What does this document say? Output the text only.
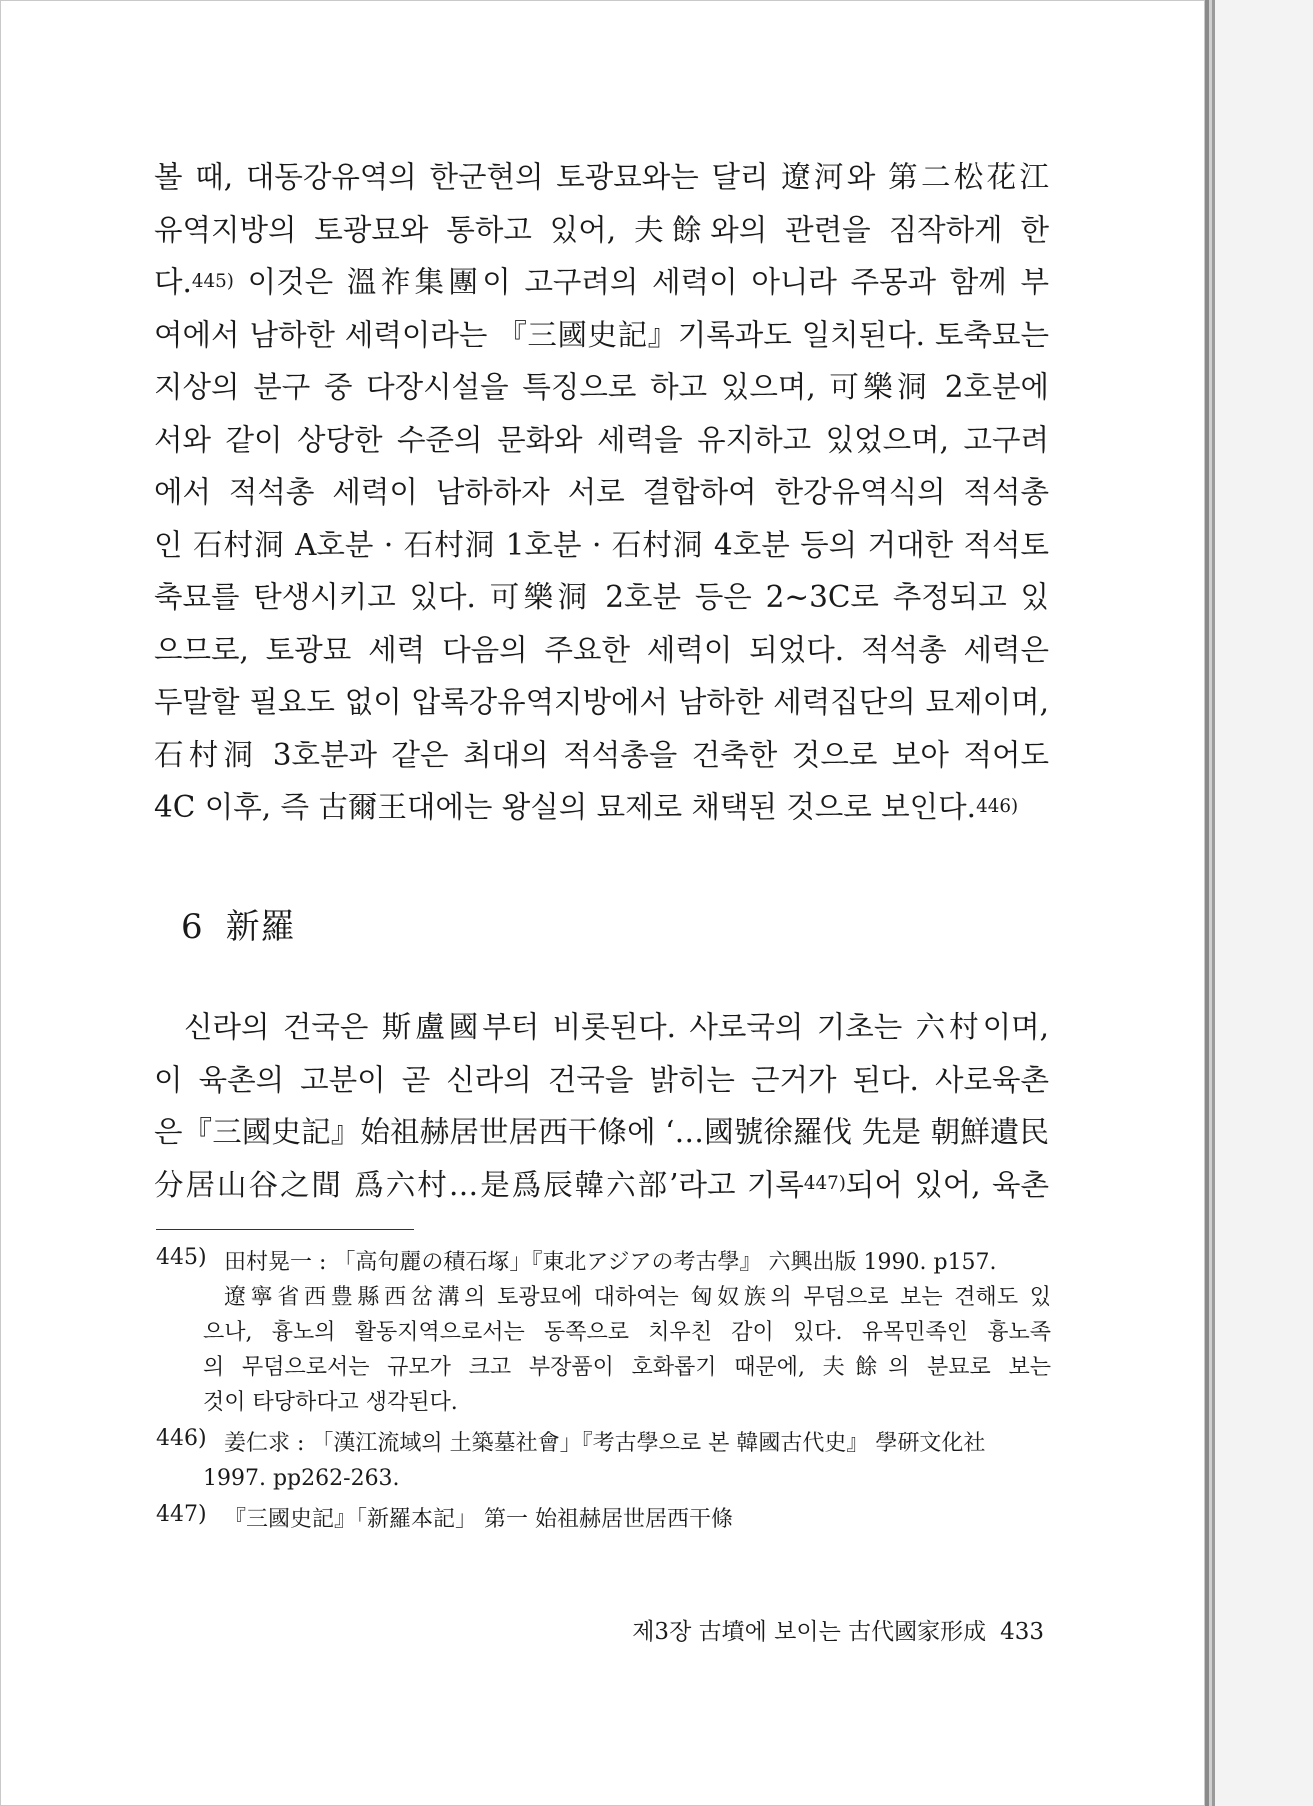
볼 때, 대동강유역의 한군현의 토광묘와는 달리 遼河와 第二松花江
유역지방의 토광묘와 통하고 있어, 夫餘와의 관련을 짐작하게 한
다.$^{445)}$ 이것은 溫祚集團이 고구려의 세력이 아니라 주몽과 함께 부
여에서 남하한 세력이라는 『三國史記』기록과도 일치된다. 토축묘는
지상의 분구 중 다장시설을 특징으로 하고 있으며, 可樂洞 2호분에
서와 같이 상당한 수준의 문화와 세력을 유지하고 있었으며, 고구려
에서 적석총 세력이 남하하자 서로 결합하여 한강유역식의 적석총
인 石村洞 A호분 · 石村洞 1호분 · 石村洞 4호분 등의 거대한 적석토
축묘를 탄생시키고 있다. 可樂洞 2호분 등은 2∼3C로 추정되고 있
으므로, 토광묘 세력 다음의 주요한 세력이 되었다. 적석총 세력은
두말할 필요도 없이 압록강유역지방에서 남하한 세력집단의 묘제이며,
石村洞 3호분과 같은 최대의 적석총을 건축한 것으로 보아 적어도
4C 이후, 즉 古爾王대에는 왕실의 묘제로 채택된 것으로 보인다.$^{446)}$
6 新羅
신라의 건국은 斯盧國부터 비롯된다. 사로국의 기초는 六村이며,
이 육촌의 고분이 곧 신라의 건국을 밝히는 근거가 된다. 사로육촌
은『三國史記』始祖赫居世居西干條에 ‘…國號徐羅伐 先是 朝鮮遺民
分居山谷之間 爲六村…是爲辰韓六部’라고 기록$^{447)}$되어 있어, 육촌
445) 田村晃一 : 「高句麗の積石塚」『東北アジアの考古學』 六興出版 1990. p157.
遼寧省西豊縣西岔溝의 토광묘에 대하여는 匈奴族의 무덤으로 보는 견해도 있
으나, 흉노의 활동지역으로서는 동쪽으로 치우친 감이 있다. 유목민족인 흉노족
의 무덤으로서는 규모가 크고 부장품이 호화롭기 때문에, 夫餘의 분묘로 보는
것이 타당하다고 생각된다.
446) 姜仁求 : 「漢江流域의 土築墓社會」『考古學으로 본 韓國古代史』 學硏文化社
1997. pp262-263.
447) 『三國史記』「新羅本記」 第一 始祖赫居世居西干條
제3장 古墳에 보이는 古代國家形成 433
